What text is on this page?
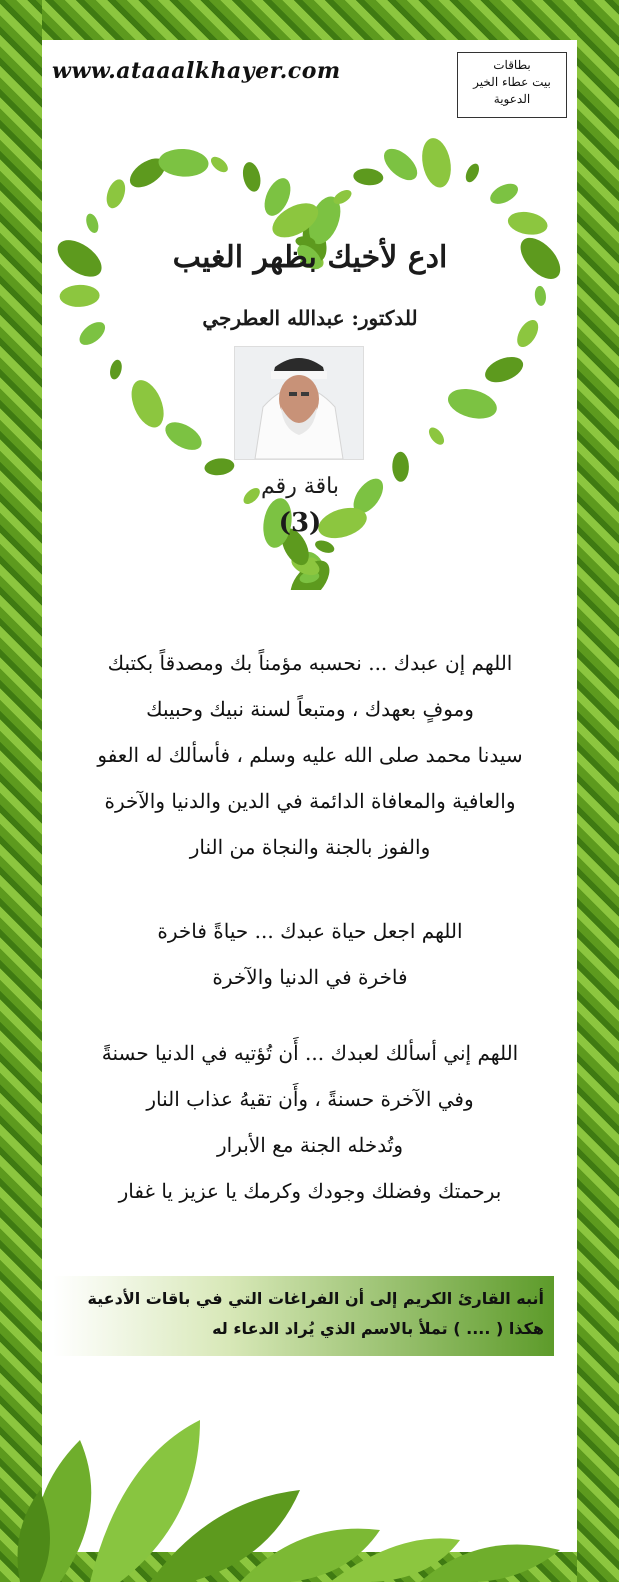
www.ataaalkhayer.com	بطاقات
بيت عطاء الخير
الدعوية
ادع لأخيك بظهر الغيب
للدكتور: عبدالله العطرجي
باقة رقم
(3)
اللهم إن عبدك ... نحسبه مؤمناً بك ومصدقاً بكتبك
وموفٍ بعهدك ، ومتبعاً لسنة نبيك وحبيبك
سيدنا محمد صلى الله عليه وسلم ، فأسألك له العفو
والعافية والمعافاة الدائمة في الدين والدنيا والآخرة
والفوز بالجنة والنجاة من النار
اللهم اجعل حياة عبدك ... حياةً فاخرة
فاخرة في الدنيا والآخرة
اللهم إني أسألك لعبدك ... أَن تُؤتيه في الدنيا حسنةً
وفي الآخرة حسنةً ، وأَن تقيهُ عذاب النار
وتُدخله الجنة مع الأبرار
برحمتك وفضلك وجودك وكرمك يا عزيز يا غفار
أنبه القارئ الكريم إلى أن الفراغات التي في باقات الأدعية
هكذا ( .... ) تملأ بالاسم الذي يُراد الدعاء له
